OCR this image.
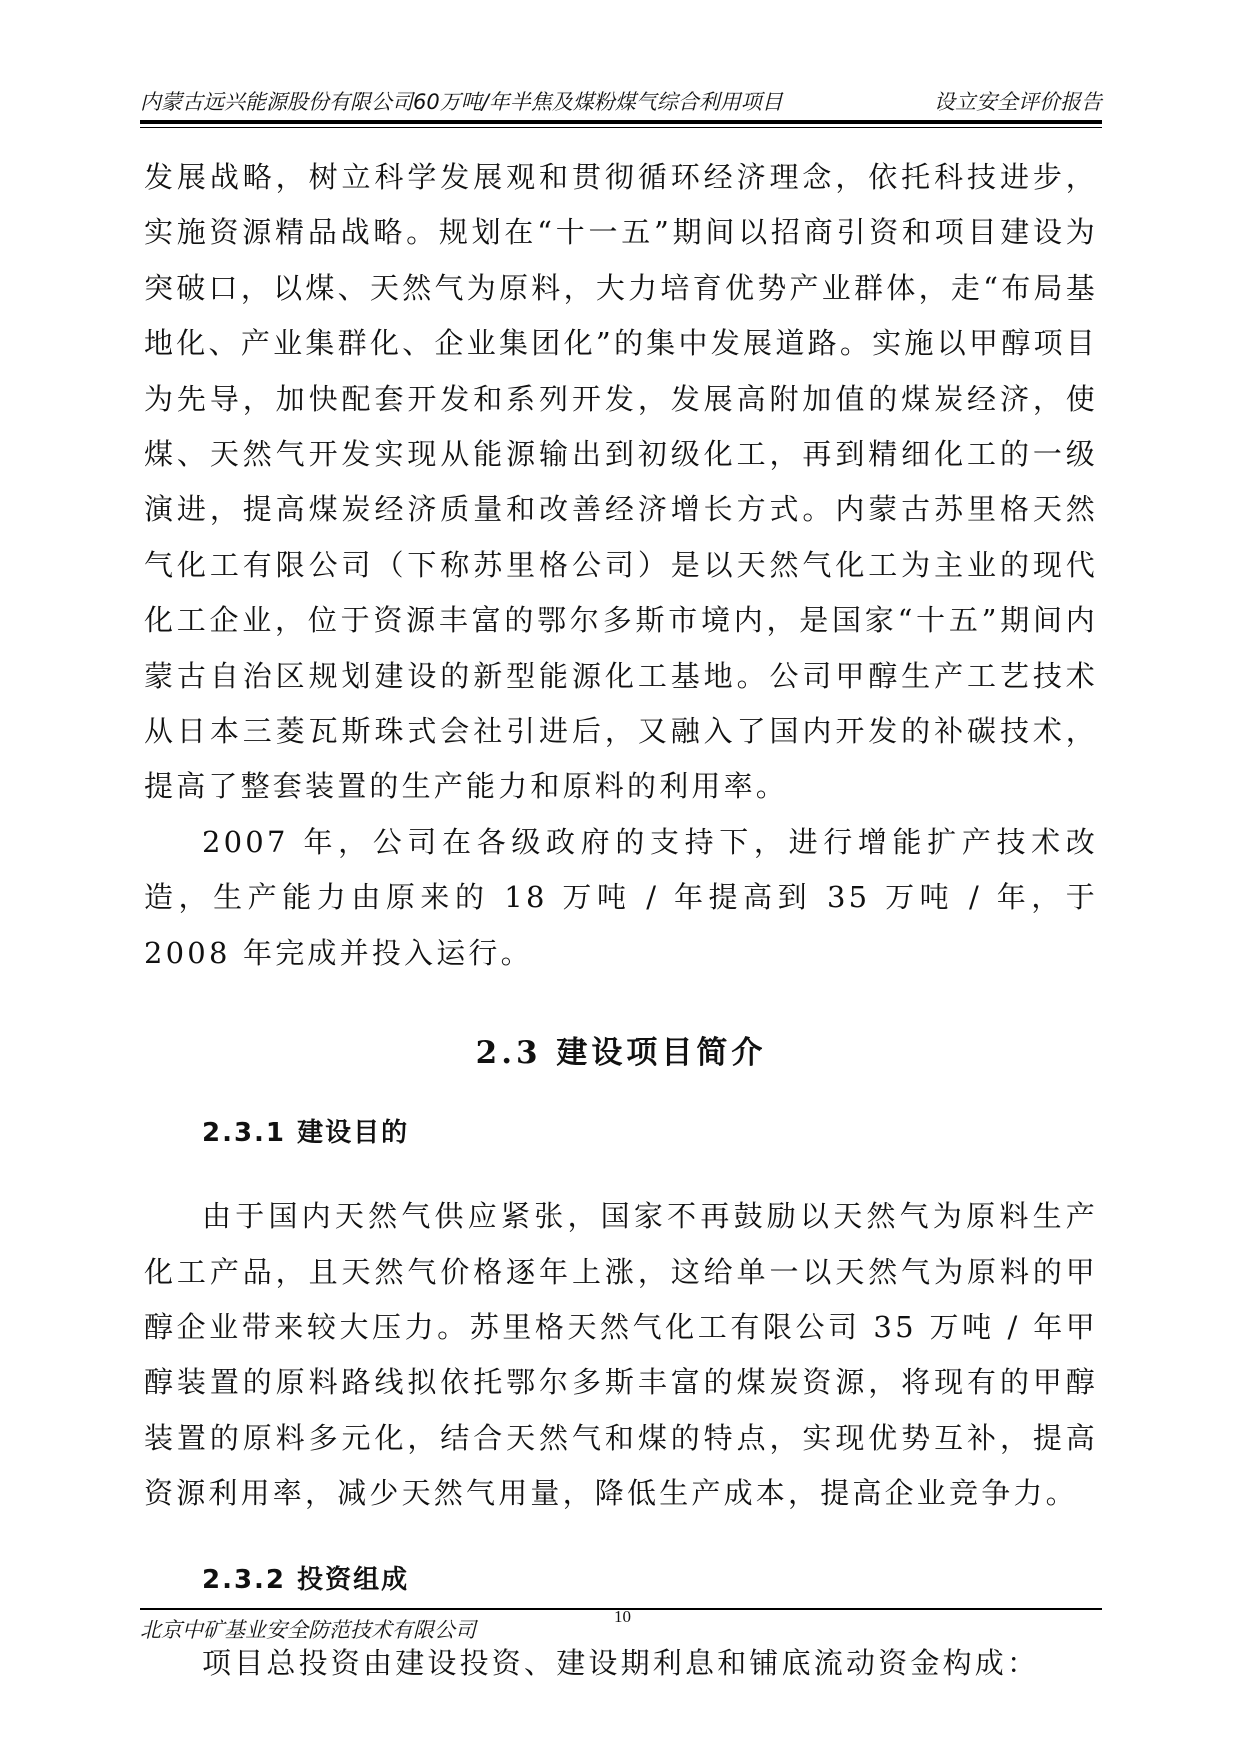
内蒙古远兴能源股份有限公司60万吨/年半焦及煤粉煤气综合利用项目	设立安全评价报告

发展战略，树立科学发展观和贯彻循环经济理念，依托科技进步，实施资源精品战略。规划在“十一五”期间以招商引资和项目建设为突破口，以煤、天然气为原料，大力培育优势产业群体，走“布局基地化、产业集群化、企业集团化”的集中发展道路。实施以甲醇项目为先导，加快配套开发和系列开发，发展高附加值的煤炭经济，使煤、天然气开发实现从能源输出到初级化工，再到精细化工的一级演进，提高煤炭经济质量和改善经济增长方式。内蒙古苏里格天然气化工有限公司（下称苏里格公司）是以天然气化工为主业的现代化工企业，位于资源丰富的鄂尔多斯市境内，是国家“十五”期间内蒙古自治区规划建设的新型能源化工基地。公司甲醇生产工艺技术从日本三菱瓦斯珠式会社引进后，又融入了国内开发的补碳技术，提高了整套装置的生产能力和原料的利用率。

2007 年，公司在各级政府的支持下，进行增能扩产技术改造，生产能力由原来的 18 万吨 / 年提高到 35 万吨 / 年，于 2008 年完成并投入运行。

2.3 建设项目简介
2.3.1 建设目的

由于国内天然气供应紧张，国家不再鼓励以天然气为原料生产化工产品，且天然气价格逐年上涨，这给单一以天然气为原料的甲醇企业带来较大压力。苏里格天然气化工有限公司 35 万吨 / 年甲醇装置的原料路线拟依托鄂尔多斯丰富的煤炭资源，将现有的甲醇装置的原料多元化，结合天然气和煤的特点，实现优势互补，提高资源利用率，减少天然气用量，降低生产成本，提高企业竞争力。

2.3.2 投资组成

项目总投资由建设投资、建设期利息和铺底流动资金构成：

北京中矿基业安全防范技术有限公司
10
